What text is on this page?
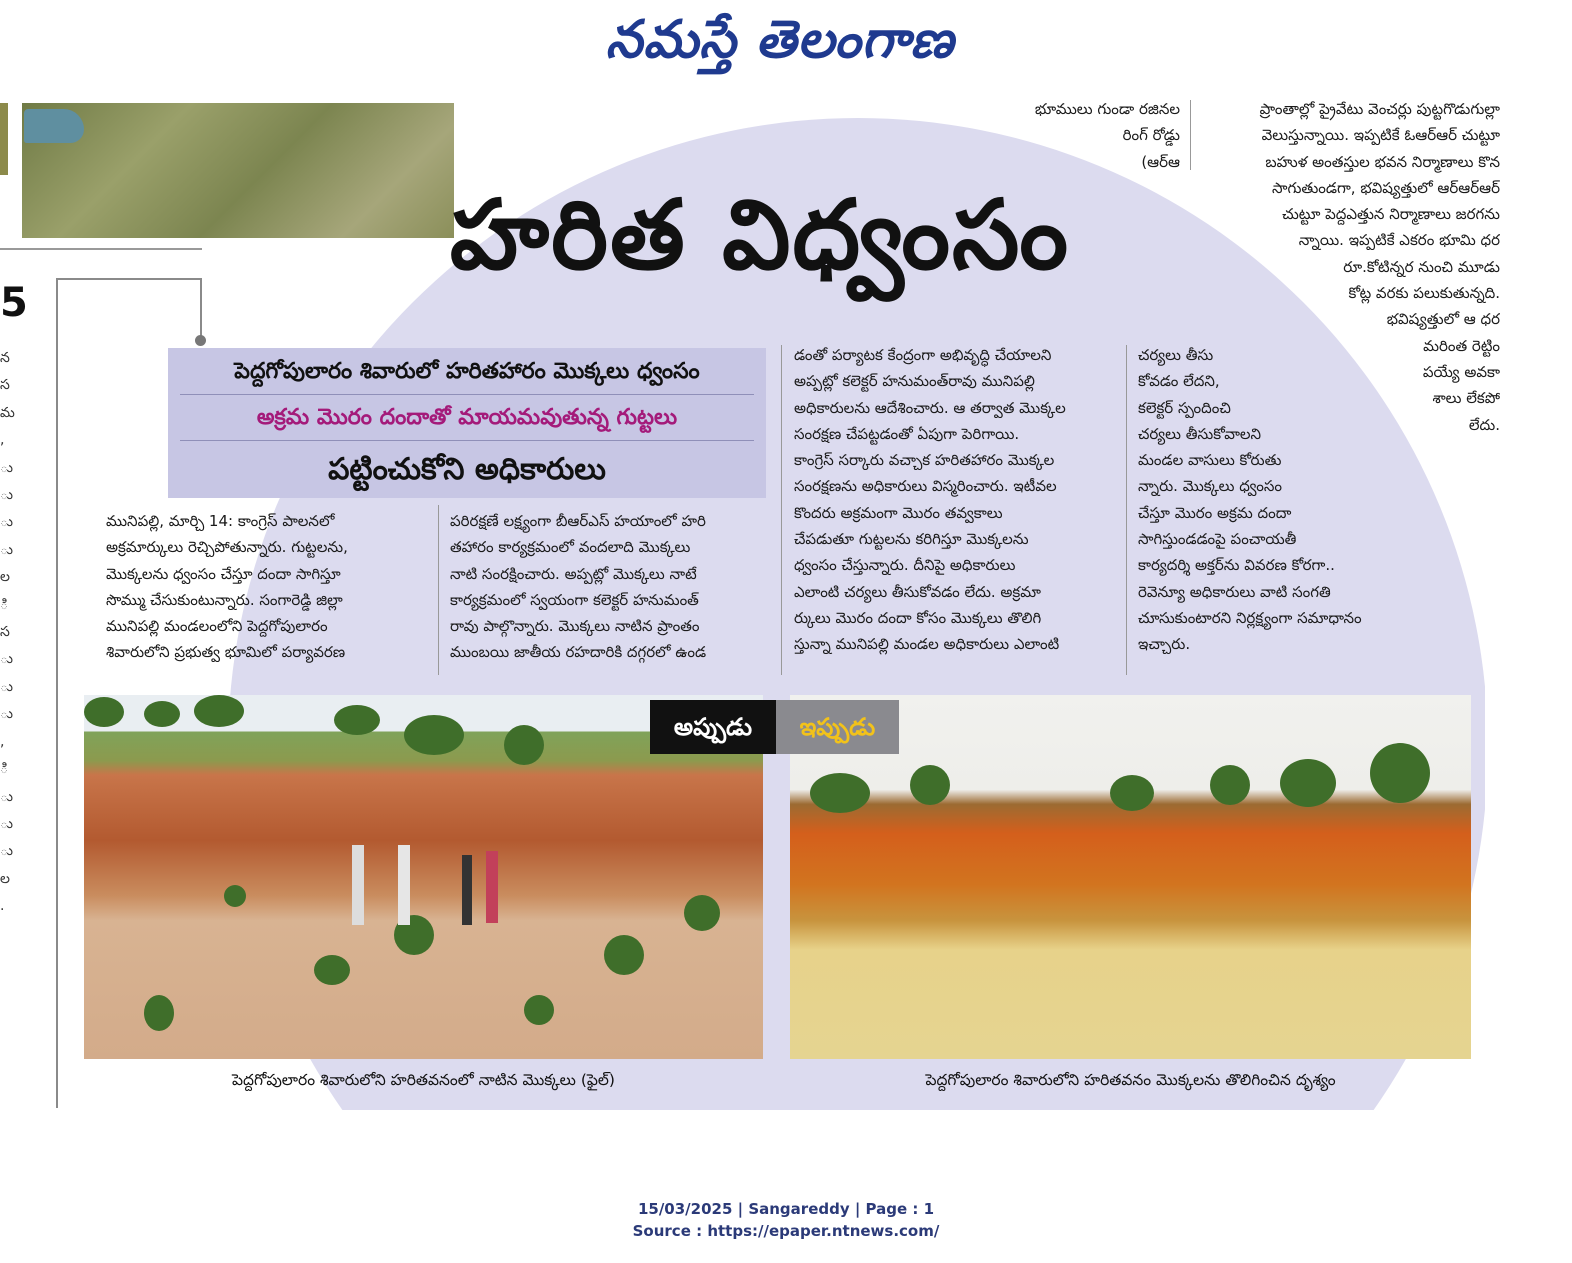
నమస్తే తెలంగాణ
5

న

స

మ

,

ు

ు

ు

ు

ల

ి

స

ు

ు

ు

,

ి

ు

ు

ు

ల

.

భూములు గుండా రజినల

రింగ్ రోడ్డు

(ఆర్ఆ

ప్రాంతాల్లో ప్రైవేటు వెంచర్లు పుట్టగొడుగుల్లా

వెలుస్తున్నాయి. ఇప్పటికే ఓఆర్ఆర్ చుట్టూ

బహుళ అంతస్తుల భవన నిర్మాణాలు కొన

సాగుతుండగా, భవిష్యత్తులో ఆర్ఆర్ఆర్

చుట్టూ పెద్దఎత్తున నిర్మాణాలు జరగను

న్నాయి. ఇప్పటికే ఎకరం భూమి ధర

రూ.కోటిన్నర నుంచి మూడు

కోట్ల వరకు పలుకుతున్నది.

భవిష్యత్తులో ఆ ధర

మరింత రెట్టిం

పయ్యే అవకా

శాలు లేకపో

లేదు.

హరిత విధ్వంసం
పెద్దగోపులారం శివారులో హరితహారం మొక్కలు ధ్వంసం
అక్రమ మొరం దందాతో మాయమవుతున్న గుట్టలు
పట్టించుకోని అధికారులు

మునిపల్లి, మార్చి 14: కాంగ్రెస్ పాలనలో

అక్రమార్కులు రెచ్చిపోతున్నారు. గుట్టలను,

మొక్కలను ధ్వంసం చేస్తూ దందా సాగిస్తూ

సొమ్ము చేసుకుంటున్నారు. సంగారెడ్డి జిల్లా

మునిపల్లి మండలంలోని పెద్దగోపులారం

శివారులోని ప్రభుత్వ భూమిలో పర్యావరణ

పరిరక్షణే లక్ష్యంగా బీఆర్ఎస్ హయాంలో హరి

తహారం కార్యక్రమంలో వందలాది మొక్కలు

నాటి సంరక్షించారు. అప్పట్లో మొక్కలు నాటే

కార్యక్రమంలో స్వయంగా కలెక్టర్ హనుమంత్

రావు పాల్గొన్నారు. మొక్కలు నాటిన ప్రాంతం

ముంబయి జాతీయ రహదారికి దగ్గరలో ఉండ

డంతో పర్యాటక కేంద్రంగా అభివృద్ధి చేయాలని

అప్పట్లో కలెక్టర్ హనుమంత్‌రావు మునిపల్లి

అధికారులను ఆదేశించారు. ఆ తర్వాత మొక్కల

సంరక్షణ చేపట్టడంతో ఏపుగా పెరిగాయి.

కాంగ్రెస్ సర్కారు వచ్చాక హరితహారం మొక్కల

సంరక్షణను అధికారులు విస్మరించారు. ఇటీవల

కొందరు అక్రమంగా మొరం తవ్వకాలు

చేపడుతూ గుట్టలను కరిగిస్తూ మొక్కలను

ధ్వంసం చేస్తున్నారు. దీనిపై అధికారులు

ఎలాంటి చర్యలు తీసుకోవడం లేదు. అక్రమా

ర్కులు మొరం దందా కోసం మొక్కలు తొలిగి

స్తున్నా మునిపల్లి మండల అధికారులు ఎలాంటి

చర్యలు తీసు

కోవడం లేదని,

కలెక్టర్ స్పందించి

చర్యలు తీసుకోవాలని

మండల వాసులు కోరుతు

న్నారు. మొక్కలు ధ్వంసం

చేస్తూ మొరం అక్రమ దందా

సాగిస్తుండడంపై పంచాయతీ

కార్యదర్శి అక్తర్‌ను వివరణ కోరగా..

రెవెన్యూ అధికారులు వాటి సంగతి

చూసుకుంటారని నిర్లక్ష్యంగా సమాధానం

ఇచ్చారు.

అప్పుడు	ఇప్పుడు
పెద్దగోపులారం శివారులోని హరితవనంలో నాటిన మొక్కలు (ఫైల్)	పెద్దగోపులారం శివారులోని హరితవనం మొక్కలను తొలిగించిన దృశ్యం
15/03/2025 | Sangareddy | Page : 1
Source : https://epaper.ntnews.com/
